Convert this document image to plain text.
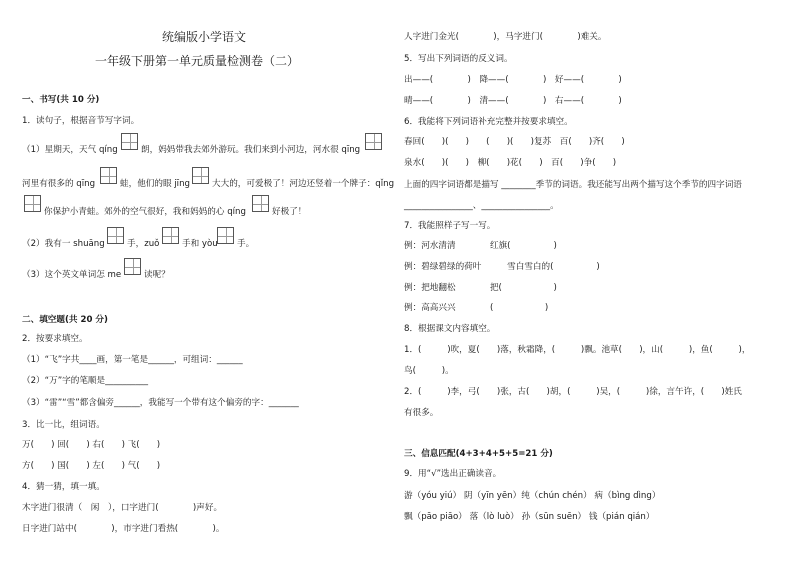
统编版小学语文
一年级下册第一单元质量检测卷（二）
一、书写(共 10 分)
1．读句子，根据音节写字词。
（1）星期天，天气 qíng	朗，妈妈带我去郊外游玩。我们来到小河边，河水很 qīng
河里有很多的 qīng	蛙，他们的眼 jīng	大大的，可爱极了！河边还竖着一个牌子：qǐng
你保护小青蛙。郊外的空气很好，我和妈妈的心 qíng	好极了！
（2）我有一 shuāng	手，zuǒ	手和 yòu 手。
（3）这个英文单词怎 me	读呢？
二、填空题(共 20 分)
2．按要求填空。
（1）“飞”字共____画，第一笔是______，可组词：______
（2）“万”字的笔顺是__________
（3）“雷”“雪”都含偏旁______，我能写一个带有这个偏旁的字：_______
3．比一比，组词语。
万(　　) 回(　　) 右(　　) 飞(　　)
方(　　) 国(　　) 左(　　) 气(　　)
4．猜一猜，填一填。
木字进门很清（　闲　），口字进门(　　　　)声好。
日字进门站中(　　　　)，市字进门看热(　　　　)。
人字进门金光(　　　　)，马字进门(　　　　)难关。
5．写出下列词语的反义词。
出——(　　　　)　降——(　　　　)　好——(　　　　)
晴——(　　　　)　清——(　　　　)　右——(　　　　)
6．我能将下列词语补充完整并按要求填空。
春回(　　)(　　)　　(　　)(　　)复苏　百(　　)齐(　　)
泉水(　　)(　　)　柳(　　)花(　　)　百(　　)争(　　)
上面的四字词语都是描写 ________季节的词语。我还能写出两个描写这个季节的四字词语
________________、________________。
7．我能照样子写一写。
例：河水清清　　　　红旗(　　　　　)
例：碧绿碧绿的荷叶　　　雪白雪白的(　　　　　)
例：把地翻松　　　　把(　　　　　　)
例：高高兴兴　　　　(　　　　　　)
8．根据课文内容填空。
1．(　　　)吹，夏(　　)落，秋霜降，(　　　)飘。池草(　　)，山(　　　)，鱼(　　　)，
鸟(　　　)。
2．(　　　)李，弓(　　)张，古(　　)胡，(　　　)吴，(　　　)徐，言午许，(　　)姓氏
有很多。
三、信息匹配(4+3+4+5+5=21 分)
9．用“√”选出正确读音。
游（yóu yiú） 阴（yīn yēn）纯（chún chén） 病（bìng dìng）
飘（pāo piāo） 落（lò luò） 孙（sūn suēn） 钱（pián qián）
